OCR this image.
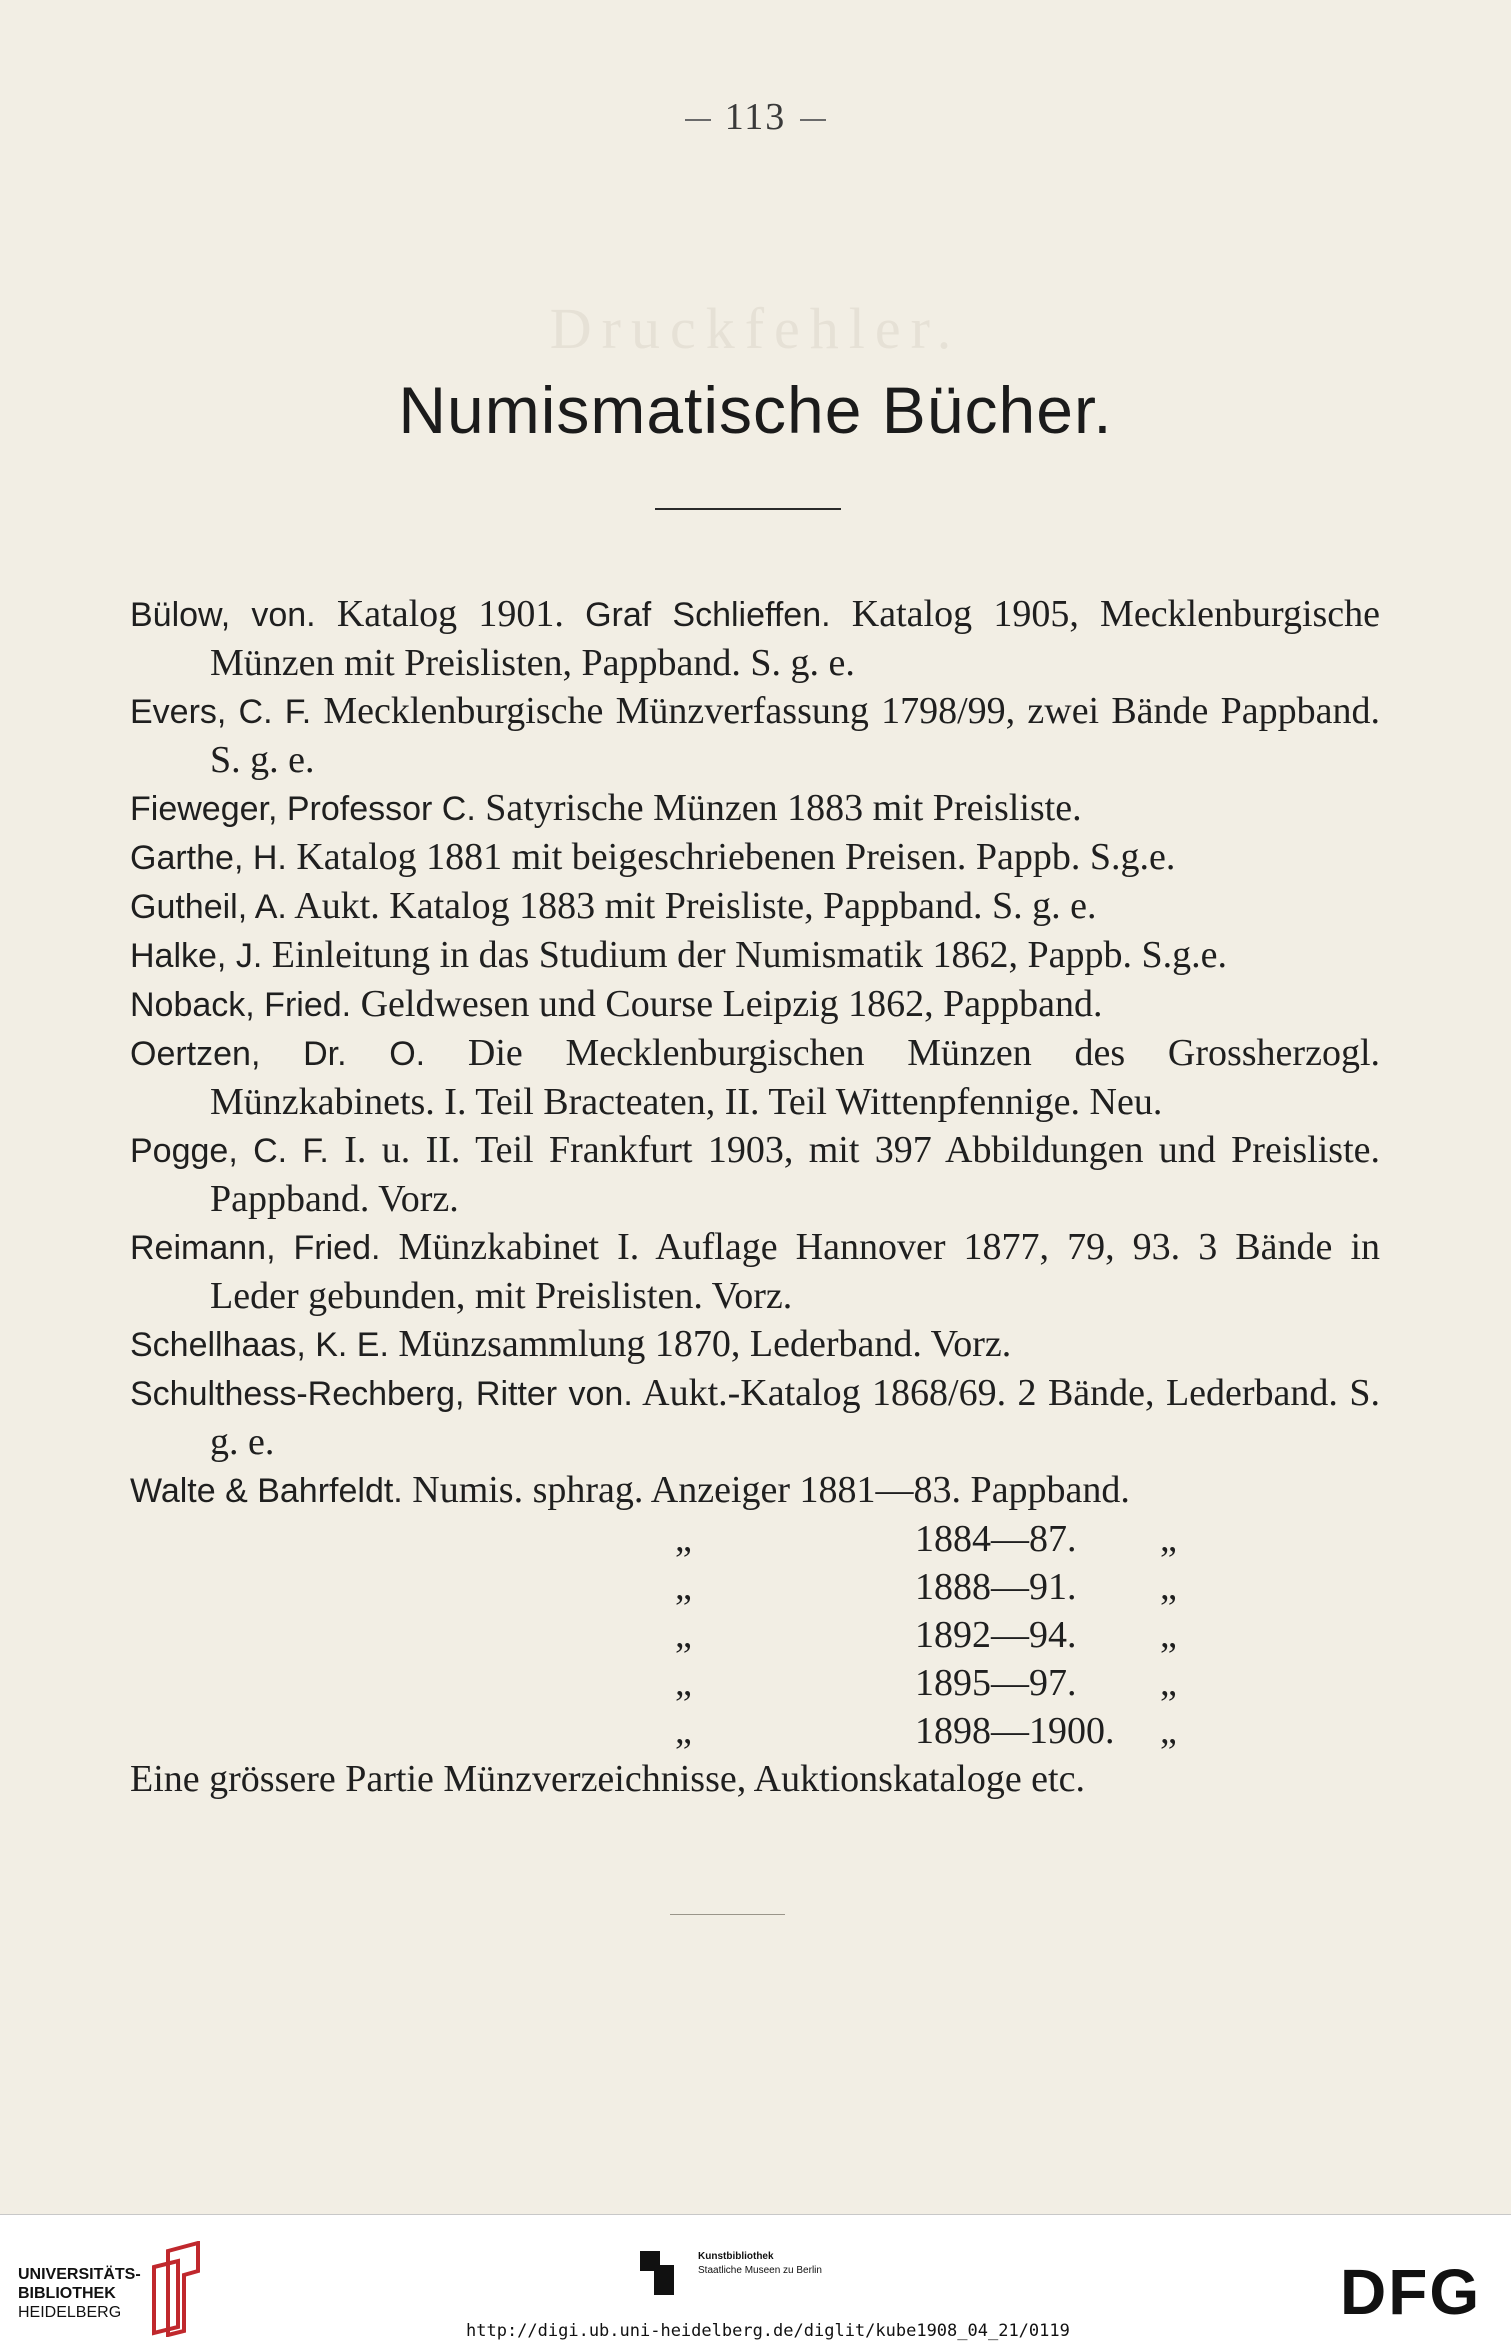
113
Druckfehler.
Numismatische Bücher.

Bülow, von. Katalog 1901. Graf Schlieffen. Katalog 1905, Mecklenburgische Münzen mit Preislisten, Pappband. S. g. e.

Evers, C. F. Mecklenburgische Münzverfassung 1798/99, zwei Bände Pappband. S. g. e.

Fieweger, Professor C. Satyrische Münzen 1883 mit Preisliste.

Garthe, H. Katalog 1881 mit beigeschriebenen Preisen. Pappb. S.g.e.

Gutheil, A. Aukt. Katalog 1883 mit Preisliste, Pappband. S. g. e.

Halke, J. Einleitung in das Studium der Numismatik 1862, Pappb. S.g.e.

Noback, Fried. Geldwesen und Course Leipzig 1862, Pappband.

Oertzen, Dr. O. Die Mecklenburgischen Münzen des Grossherzogl. Münzkabinets. I. Teil Bracteaten, II. Teil Wittenpfennige. Neu.

Pogge, C. F. I. u. II. Teil Frankfurt 1903, mit 397 Abbildungen und Preisliste. Pappband. Vorz.

Reimann, Fried. Münzkabinet I. Auflage Hannover 1877, 79, 93. 3 Bände in Leder gebunden, mit Preislisten. Vorz.

Schellhaas, K. E. Münzsammlung 1870, Lederband. Vorz.

Schulthess-Rechberg, Ritter von. Aukt.-Katalog 1868/69. 2 Bände, Lederband. S. g. e.

Walte & Bahrfeldt. Numis. sphrag. Anzeiger 1881—83. Pappband.

„	1884—87. „
„	1888—91. „
„	1892—94. „
„	1895—97. „
„	1898—1900. „

Eine grössere Partie Münzverzeichnisse, Auktionskataloge etc.

UNIVERSITÄTS-
BIBLIOTHEK
HEIDELBERG
Kunstbibliothek
Staatliche Museen zu Berlin	DFG
http://digi.ub.uni-heidelberg.de/diglit/kube1908_04_21/0119
